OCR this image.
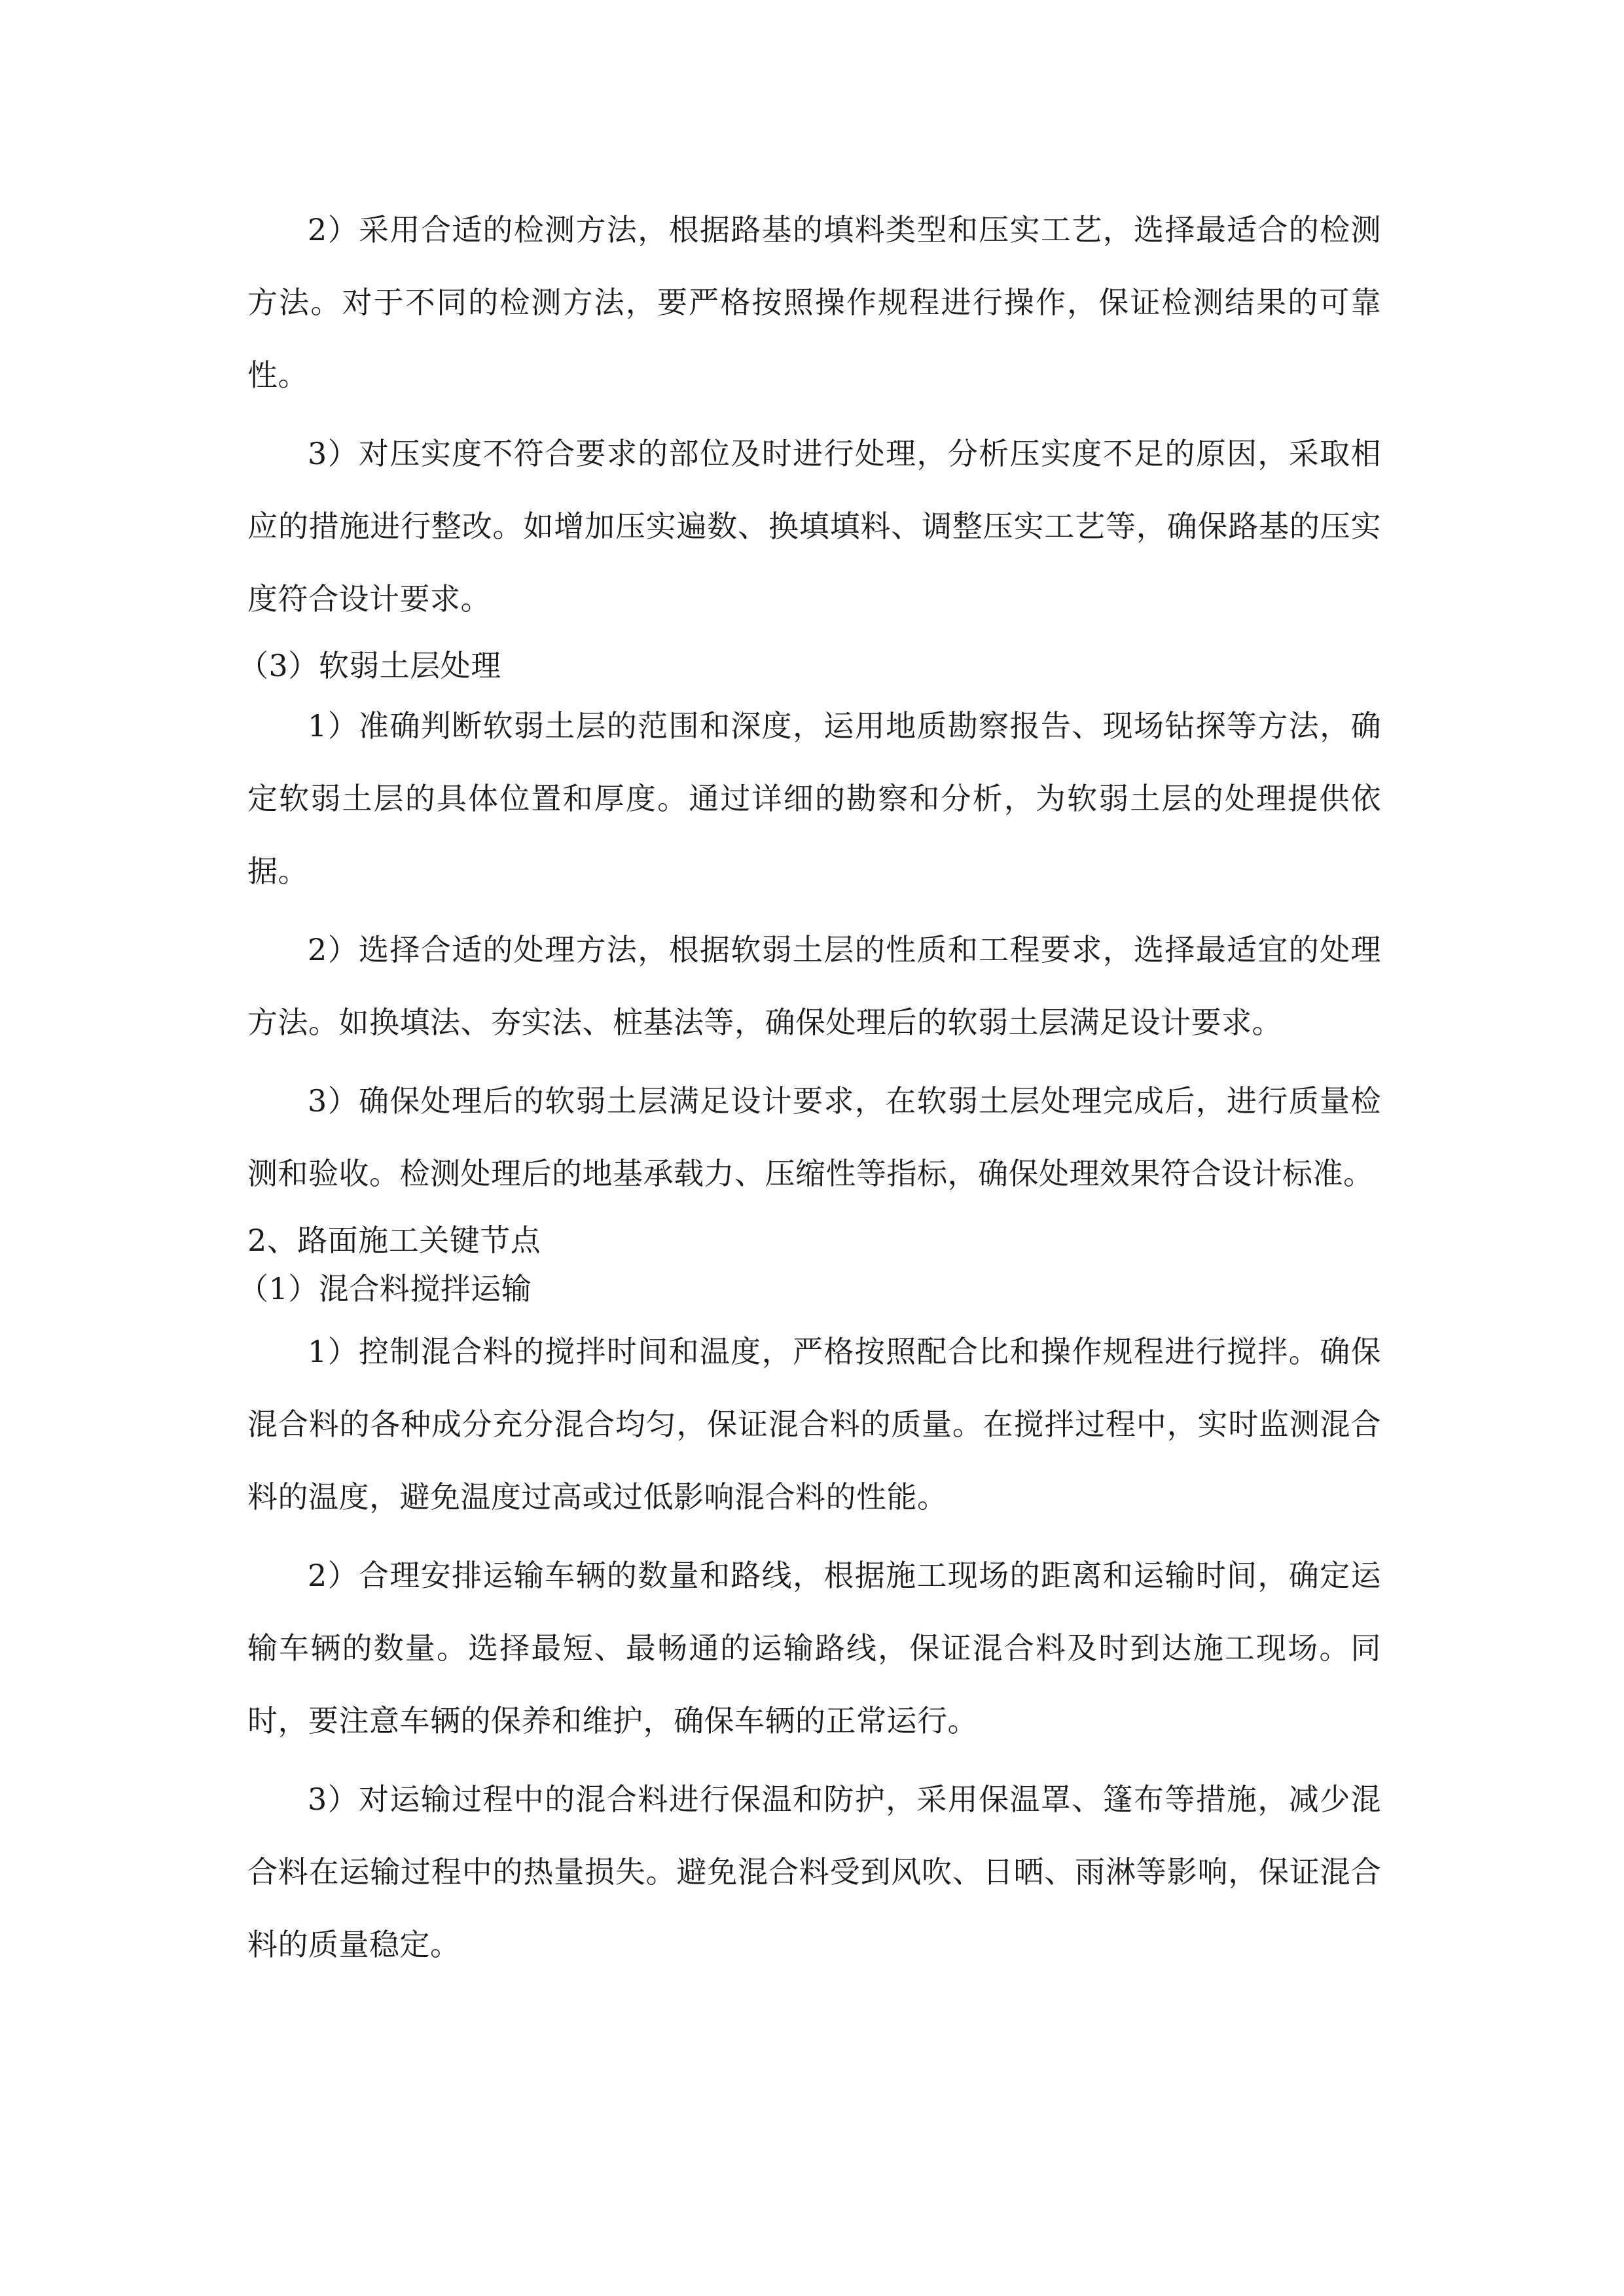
2）采用合适的检测方法，根据路基的填料类型和压实工艺，选择最适合的检测方法。对于不同的检测方法，要严格按照操作规程进行操作，保证检测结果的可靠性。

3）对压实度不符合要求的部位及时进行处理，分析压实度不足的原因，采取相应的措施进行整改。如增加压实遍数、换填填料、调整压实工艺等，确保路基的压实度符合设计要求。

（3）软弱土层处理

1）准确判断软弱土层的范围和深度，运用地质勘察报告、现场钻探等方法，确定软弱土层的具体位置和厚度。通过详细的勘察和分析，为软弱土层的处理提供依据。

2）选择合适的处理方法，根据软弱土层的性质和工程要求，选择最适宜的处理方法。如换填法、夯实法、桩基法等，确保处理后的软弱土层满足设计要求。

3）确保处理后的软弱土层满足设计要求，在软弱土层处理完成后，进行质量检测和验收。检测处理后的地基承载力、压缩性等指标，确保处理效果符合设计标准。

2、路面施工关键节点

（1）混合料搅拌运输

1）控制混合料的搅拌时间和温度，严格按照配合比和操作规程进行搅拌。确保混合料的各种成分充分混合均匀，保证混合料的质量。在搅拌过程中，实时监测混合料的温度，避免温度过高或过低影响混合料的性能。

2）合理安排运输车辆的数量和路线，根据施工现场的距离和运输时间，确定运输车辆的数量。选择最短、最畅通的运输路线，保证混合料及时到达施工现场。同时，要注意车辆的保养和维护，确保车辆的正常运行。

3）对运输过程中的混合料进行保温和防护，采用保温罩、篷布等措施，减少混合料在运输过程中的热量损失。避免混合料受到风吹、日晒、雨淋等影响，保证混合料的质量稳定。
